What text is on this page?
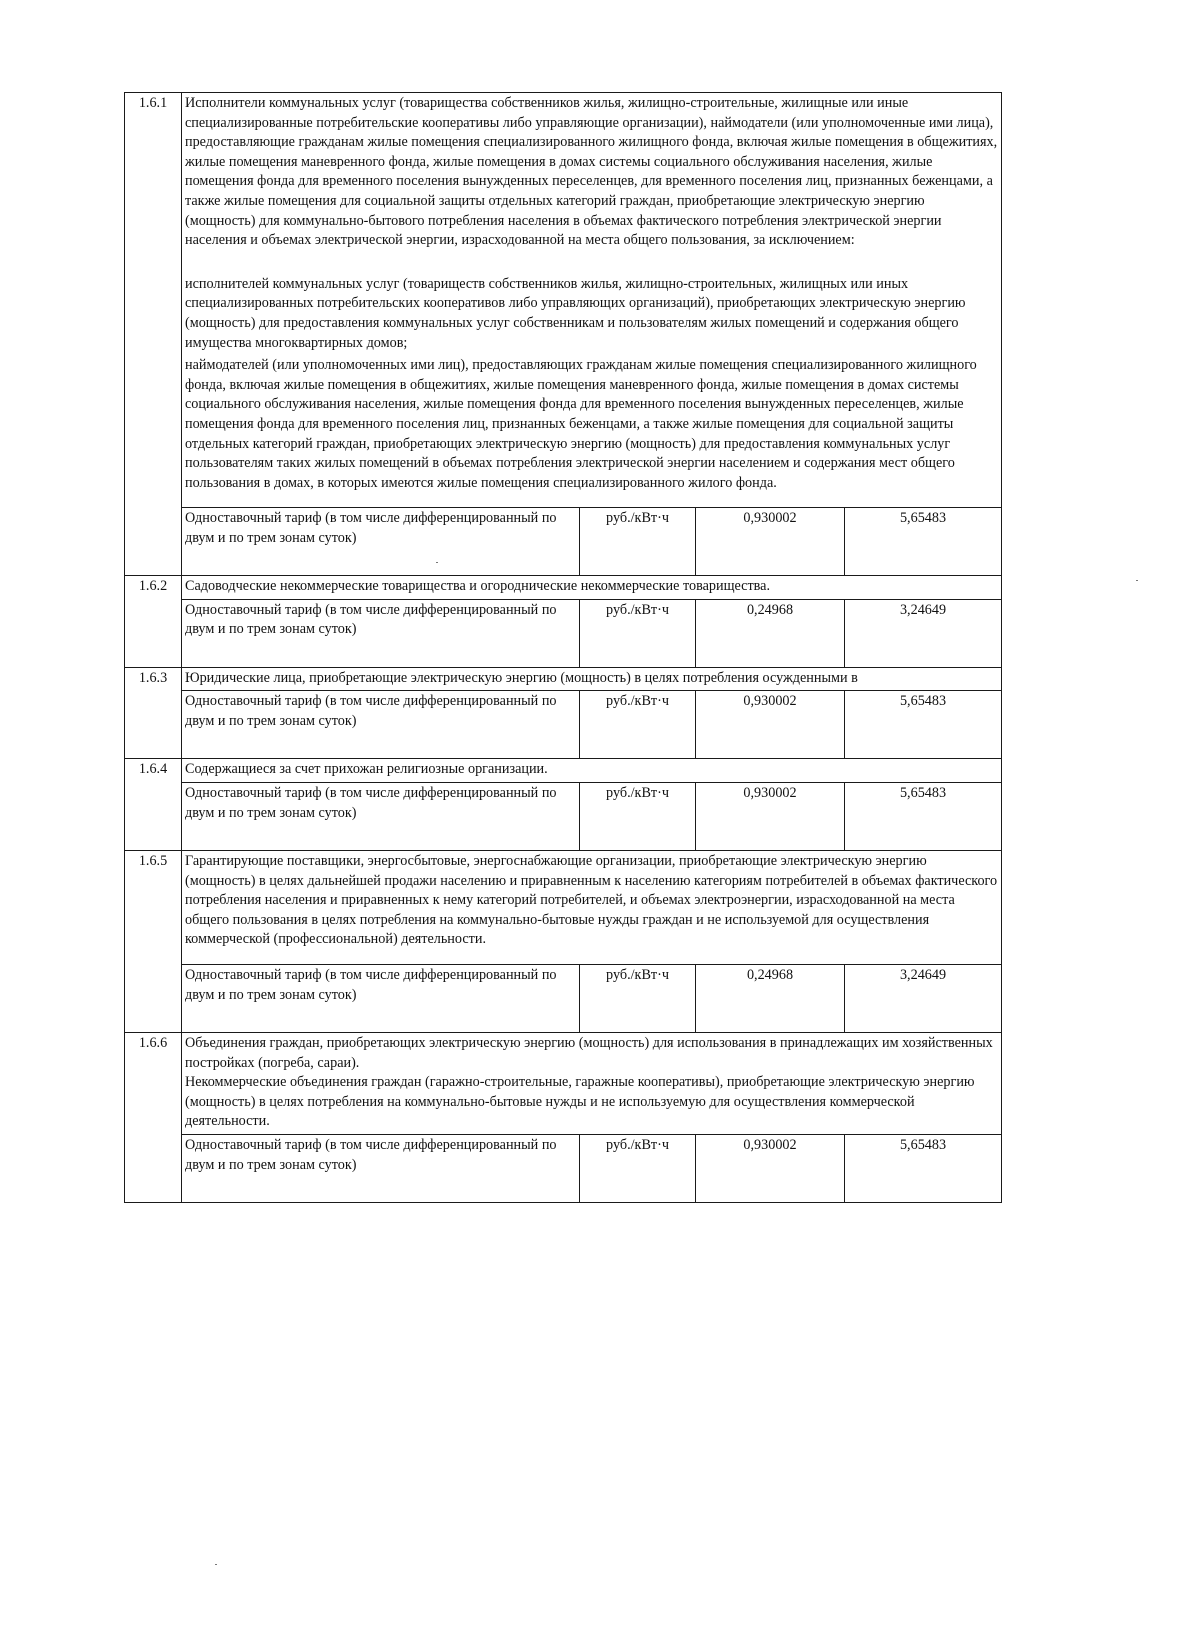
1.6.1	Исполнители коммунальных услуг (товарищества собственников жилья, жилищно-строительные, жилищные или иные специализированные потребительские кооперативы либо управляющие организации), наймодатели (или уполномоченные ими лица), предоставляющие гражданам жилые помещения специализированного жилищного фонда, включая жилые помещения в общежитиях, жилые помещения маневренного фонда, жилые помещения в домах системы социального обслуживания населения, жилые помещения фонда для временного поселения вынужденных переселенцев, для временного поселения лиц, признанных беженцами, а также жилые помещения для социальной защиты отдельных категорий граждан, приобретающие электрическую энергию (мощность) для коммунально-бытового потребления населения в объемах фактического потребления электрической энергии населения и объемах электрической энергии, израсходованной на места общего пользования, за исключением:

исполнителей коммунальных услуг (товариществ собственников жилья, жилищно-строительных, жилищных или иных специализированных потребительских кооперативов либо управляющих организаций), приобретающих электрическую энергию (мощность) для предоставления коммунальных услуг собственникам и пользователям жилых помещений и содержания общего имущества многоквартирных домов;

наймодателей (или уполномоченных ими лиц), предоставляющих гражданам жилые помещения специализированного жилищного фонда, включая жилые помещения в общежитиях, жилые помещения маневренного фонда, жилые помещения в домах системы социального обслуживания населения, жилые помещения фонда для временного поселения вынужденных переселенцев, жилые помещения фонда для временного поселения лиц, признанных беженцами, а также жилые помещения для социальной защиты отдельных категорий граждан, приобретающих электрическую энергию (мощность) для предоставления коммунальных услуг пользователям таких жилых помещений в объемах потребления электрической энергии населением и содержания мест общего пользования в домах, в которых имеются жилые помещения специализированного жилого фонда.			

	Одноставочный тариф (в том числе дифференцированный по двум и по трем зонам суток)	руб./кВт·ч	0,930002	5,65483
1.6.2	Садоводческие некоммерческие товарищества и огороднические некоммерческие товарищества.			

	Одноставочный тариф (в том числе дифференцированный по двум и по трем зонам суток)	руб./кВт·ч	0,24968	3,24649
1.6.3	Юридические лица, приобретающие электрическую энергию (мощность) в целях потребления осужденными в			

	Одноставочный тариф (в том числе дифференцированный по двум и по трем зонам суток)	руб./кВт·ч	0,930002	5,65483
1.6.4	Содержащиеся за счет прихожан религиозные организации.			

	Одноставочный тариф (в том числе дифференцированный по двум и по трем зонам суток)	руб./кВт·ч	0,930002	5,65483
1.6.5	Гарантирующие поставщики, энергосбытовые, энергоснабжающие организации, приобретающие электрическую энергию (мощность) в целях дальнейшей продажи населению и приравненным к населению категориям потребителей в объемах фактического потребления населения и приравненных к нему категорий потребителей, и объемах электроэнергии, израсходованной на места общего пользования в целях потребления на коммунально-бытовые нужды граждан и не используемой для осуществления коммерческой (профессиональной) деятельности.			

	Одноставочный тариф (в том числе дифференцированный по двум и по трем зонам суток)	руб./кВт·ч	0,24968	3,24649
1.6.6	Объединения граждан, приобретающих электрическую энергию (мощность) для использования в принадлежащих им хозяйственных постройках (погреба, сараи).

Некоммерческие объединения граждан (гаражно-строительные, гаражные кооперативы), приобретающие электрическую энергию (мощность) в целях потребления на коммунально-бытовые нужды и не используемую для осуществления коммерческой деятельности.			

	Одноставочный тариф (в том числе дифференцированный по двум и по трем зонам суток)	руб./кВт·ч	0,930002	5,65483
